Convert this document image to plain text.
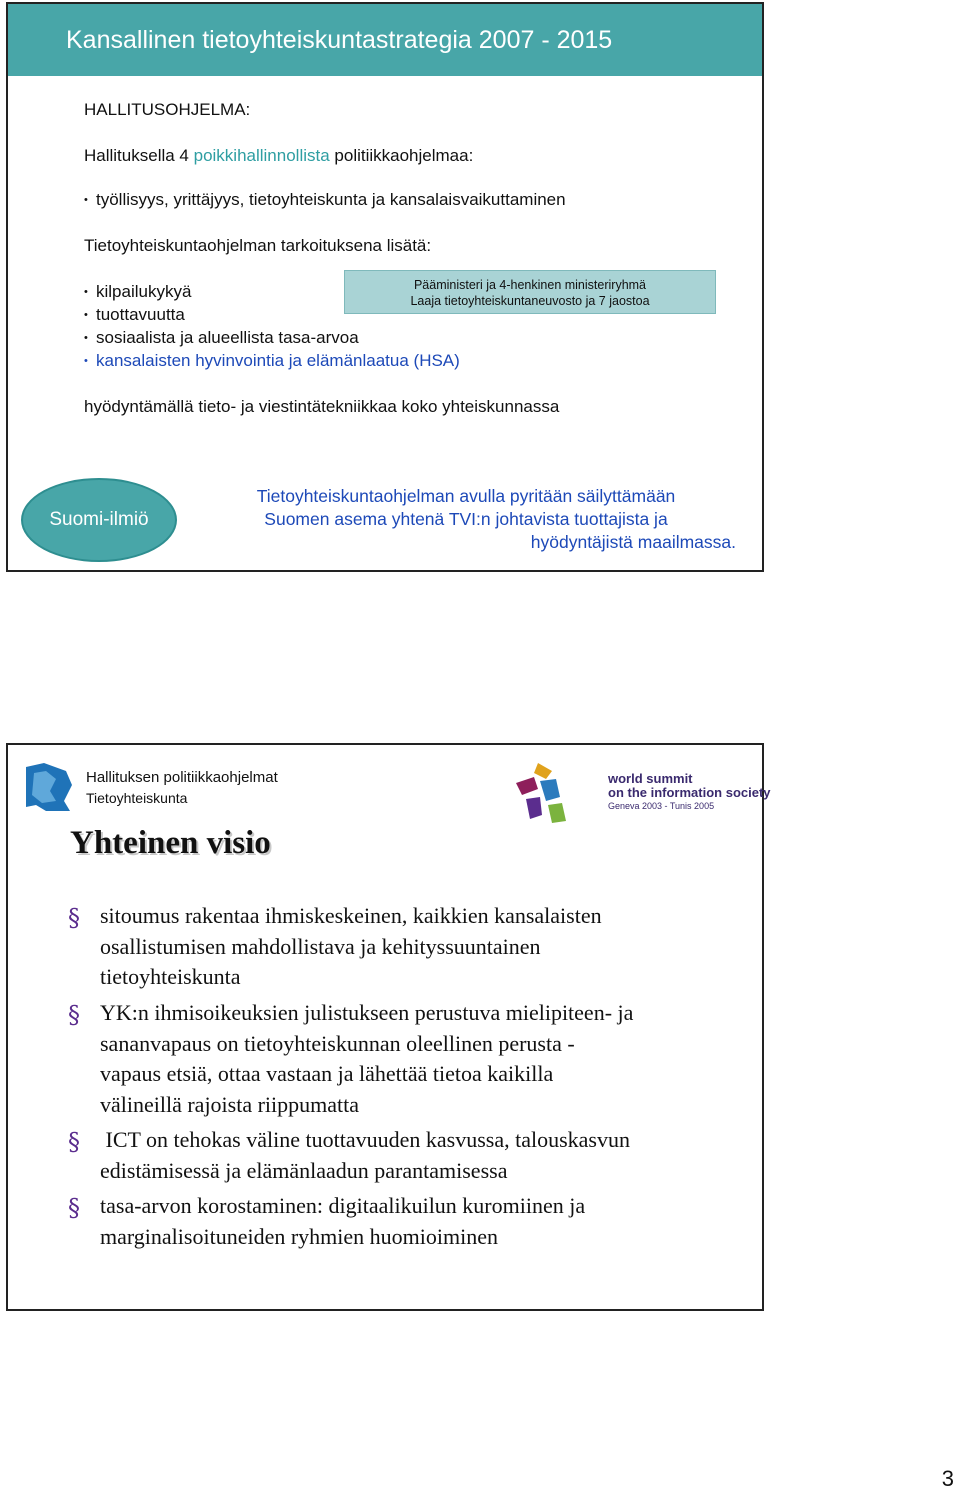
Kansallinen tietoyhteiskuntastrategia 2007 - 2015
HALLITUSOHJELMA:
Hallituksella 4 poikkihallinnollista politiikkaohjelmaa:
• työllisyys, yrittäjyys, tietoyhteiskunta ja kansalaisvaikuttaminen
Tietoyhteiskuntaohjelman tarkoituksena lisätä:
• kilpailukykyä
• tuottavuutta
• sosiaalista ja alueellista tasa-arvoa
• kansalaisten hyvinvointia ja elämänlaatua (HSA)
Pääministeri ja 4-henkinen ministeriryhmä
Laaja tietoyhteiskuntaneuvosto ja 7 jaostoa
hyödyntämällä tieto- ja viestintätekniikkaa koko yhteiskunnassa
Suomi-ilmiö
Tietoyhteiskuntaohjelman avulla pyritään säilyttämään
Suomen asema yhtenä TVI:n johtavista tuottajista ja
hyödyntäjistä maailmassa.
Hallituksen politiikkaohjelmat
Tietoyhteiskunta
world summit
on the information society
Geneva 2003 - Tunis 2005
Yhteinen visio
§ sitoumus rakentaa ihmiskeskeinen, kaikkien kansalaisten
osallistumisen mahdollistava ja kehityssuuntainen
tietoyhteiskunta
§ YK:n ihmisoikeuksien julistukseen perustuva mielipiteen- ja
sananvapaus on tietoyhteiskunnan oleellinen perusta -
vapaus etsiä, ottaa vastaan ja lähettää tietoa kaikilla
välineillä rajoista riippumatta
§ ICT on tehokas väline tuottavuuden kasvussa, talouskasvun
edistämisessä ja elämänlaadun parantamisessa
§ tasa-arvon korostaminen: digitaalikuilun kuromiinen ja
marginalisoituneiden ryhmien huomioiminen
3
